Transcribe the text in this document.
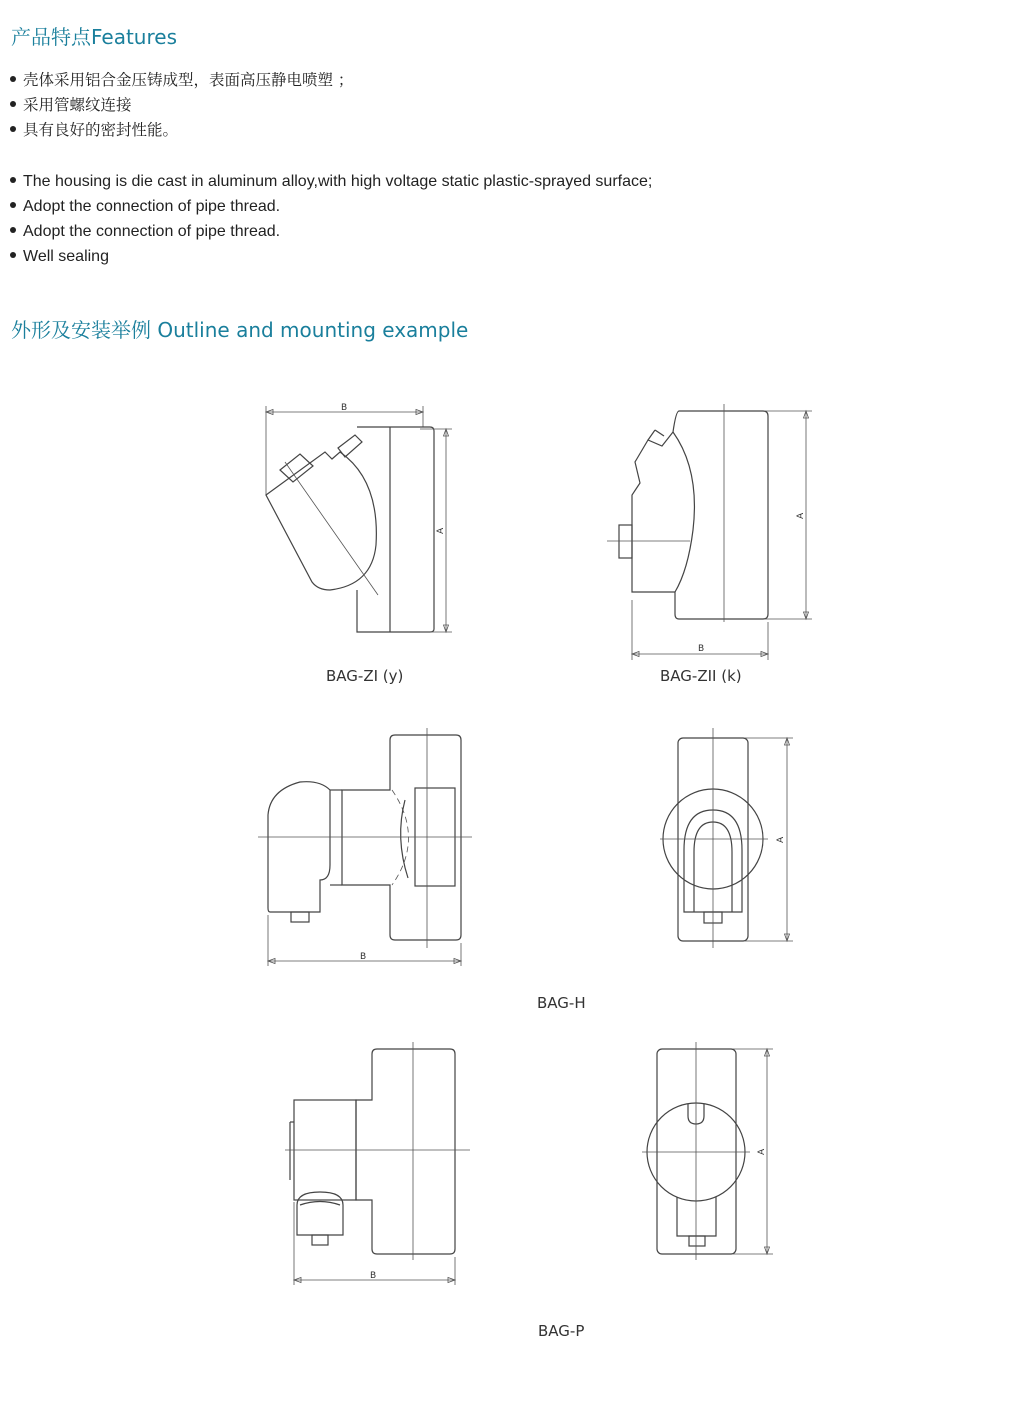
产品特点Features
壳体采用铝合金压铸成型，表面高压静电喷塑 ；
采用管螺纹连接
具有良好的密封性能。
The housing is die cast in aluminum alloy,with high voltage static plastic-sprayed surface;
Adopt the connection of pipe thread.
Adopt the connection of pipe thread.
Well sealing
外形及安装举例 Outline and mounting example
B
A
BAG-ZI (y)
A
B
BAG-ZII (k)
B
A
BAG-H
B
A
BAG-P
